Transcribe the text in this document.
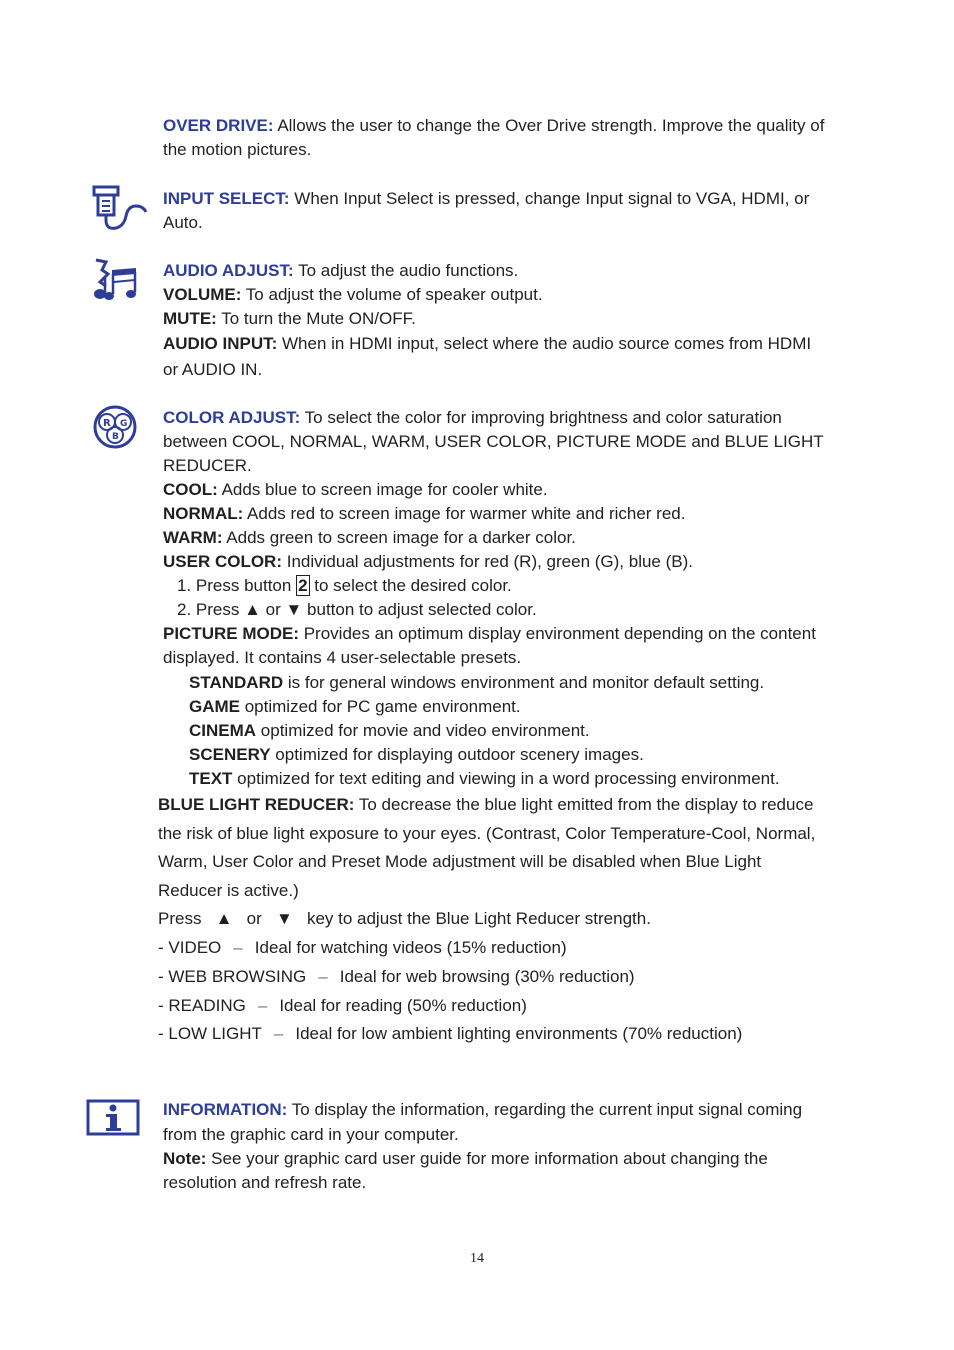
OVER DRIVE: Allows the user to change the Over Drive strength. Improve the quality of
the motion pictures.
INPUT SELECT: When Input Select is pressed, change Input signal to VGA, HDMI, or
Auto.
AUDIO ADJUST: To adjust the audio functions.
VOLUME: To adjust the volume of speaker output.
MUTE: To turn the Mute ON/OFF.
AUDIO INPUT: When in HDMI input, select where the audio source comes from HDMI
or AUDIO IN.
R G
B
COLOR ADJUST: To select the color for improving brightness and color saturation
between COOL, NORMAL, WARM, USER COLOR, PICTURE MODE and BLUE LIGHT
REDUCER.
COOL: Adds blue to screen image for cooler white.
NORMAL: Adds red to screen image for warmer white and richer red.
WARM: Adds green to screen image for a darker color.
USER COLOR: Individual adjustments for red (R), green (G), blue (B).
1. Press button 2 to select the desired color.
2. Press ▲ or ▼ button to adjust selected color.
PICTURE MODE: Provides an optimum display environment depending on the content
displayed. It contains 4 user-selectable presets.
STANDARD is for general windows environment and monitor default setting.
GAME optimized for PC game environment.
CINEMA optimized for movie and video environment.
SCENERY optimized for displaying outdoor scenery images.
TEXT optimized for text editing and viewing in a word processing environment.
BLUE LIGHT REDUCER: To decrease the blue light emitted from the display to reduce
the risk of blue light exposure to your eyes. (Contrast, Color Temperature-Cool, Normal,
Warm, User Color and Preset Mode adjustment will be disabled when Blue Light
Reducer is active.)
Press ▲ or ▼ key to adjust the Blue Light Reducer strength.
- VIDEO – Ideal for watching videos (15% reduction)
- WEB BROWSING – Ideal for web browsing (30% reduction)
- READING – Ideal for reading (50% reduction)
- LOW LIGHT – Ideal for low ambient lighting environments (70% reduction)
INFORMATION: To display the information, regarding the current input signal coming
from the graphic card in your computer.
Note: See your graphic card user guide for more information about changing the
resolution and refresh rate.
14
